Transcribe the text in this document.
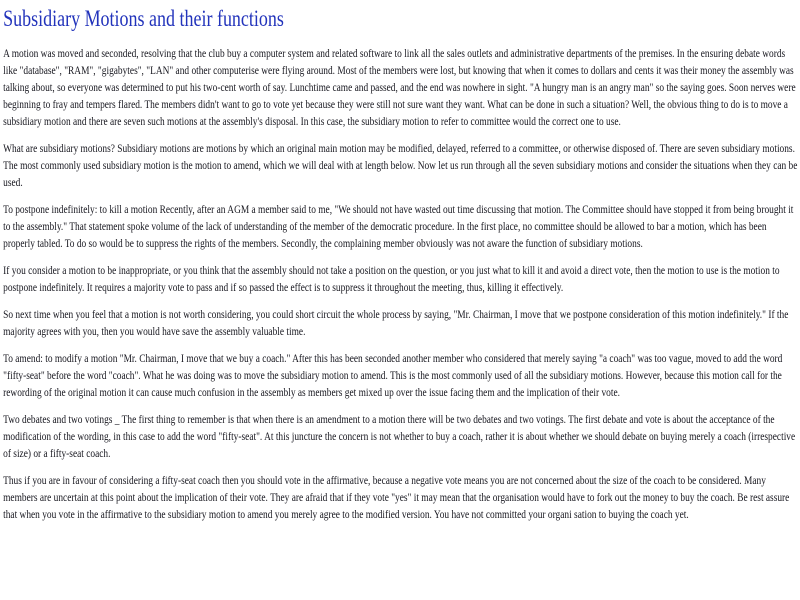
Subsidiary Motions and their functions

A motion was moved and seconded, resolving that the club buy a computer system and related software to link all the sales outlets and administrative departments of the premises. In the ensuring debate words like "database", "RAM", "gigabytes", "LAN" and other computerise were flying around. Most of the members were lost, but knowing that when it comes to dollars and cents it was their money the assembly was talking about, so everyone was determined to put his two-cent worth of say. Lunchtime came and passed, and the end was nowhere in sight. "A hungry man is an angry man" so the saying goes. Soon nerves were beginning to fray and tempers flared. The members didn't want to go to vote yet because they were still not sure want they want. What can be done in such a situation? Well, the obvious thing to do is to move a subsidiary motion and there are seven such motions at the assembly's disposal. In this case, the subsidiary motion to refer to committee would the correct one to use.

What are subsidiary motions? Subsidiary motions are motions by which an original main motion may be modified, delayed, referred to a committee, or otherwise disposed of. There are seven subsidiary motions. The most commonly used subsidiary motion is the motion to amend, which we will deal with at length below. Now let us run through all the seven subsidiary motions and consider the situations when they can be used.

To postpone indefinitely: to kill a motion Recently, after an AGM a member said to me, "We should not have wasted out time discussing that motion. The Committee should have stopped it from being brought it to the assembly." That statement spoke volume of the lack of understanding of the member of the democratic procedure. In the first place, no committee should be allowed to bar a motion, which has been properly tabled. To do so would be to suppress the rights of the members. Secondly, the complaining member obviously was not aware the function of subsidiary motions.

If you consider a motion to be inappropriate, or you think that the assembly should not take a position on the question, or you just what to kill it and avoid a direct vote, then the motion to use is the motion to postpone indefinitely. It requires a majority vote to pass and if so passed the effect is to suppress it throughout the meeting, thus, killing it effectively.

So next time when you feel that a motion is not worth considering, you could short circuit the whole process by saying, "Mr. Chairman, I move that we postpone consideration of this motion indefinitely." If the majority agrees with you, then you would have save the assembly valuable time.

To amend: to modify a motion "Mr. Chairman, I move that we buy a coach." After this has been seconded another member who considered that merely saying "a coach" was too vague, moved to add the word "fifty-seat" before the word "coach". What he was doing was to move the subsidiary motion to amend. This is the most commonly used of all the subsidiary motions. However, because this motion call for the rewording of the original motion it can cause much confusion in the assembly as members get mixed up over the issue facing them and the implication of their vote.

Two debates and two votings _ The first thing to remember is that when there is an amendment to a motion there will be two debates and two votings. The first debate and vote is about the acceptance of the modification of the wording, in this case to add the word "fifty-seat". At this juncture the concern is not whether to buy a coach, rather it is about whether we should debate on buying merely a coach (irrespective of size) or a fifty-seat coach.

Thus if you are in favour of considering a fifty-seat coach then you should vote in the affirmative, because a negative vote means you are not concerned about the size of the coach to be considered. Many members are uncertain at this point about the implication of their vote. They are afraid that if they vote "yes" it may mean that the organisation would have to fork out the money to buy the coach. Be rest assure that when you vote in the affirmative to the subsidiary motion to amend you merely agree to the modified version. You have not committed your organi sation to buying the coach yet.
